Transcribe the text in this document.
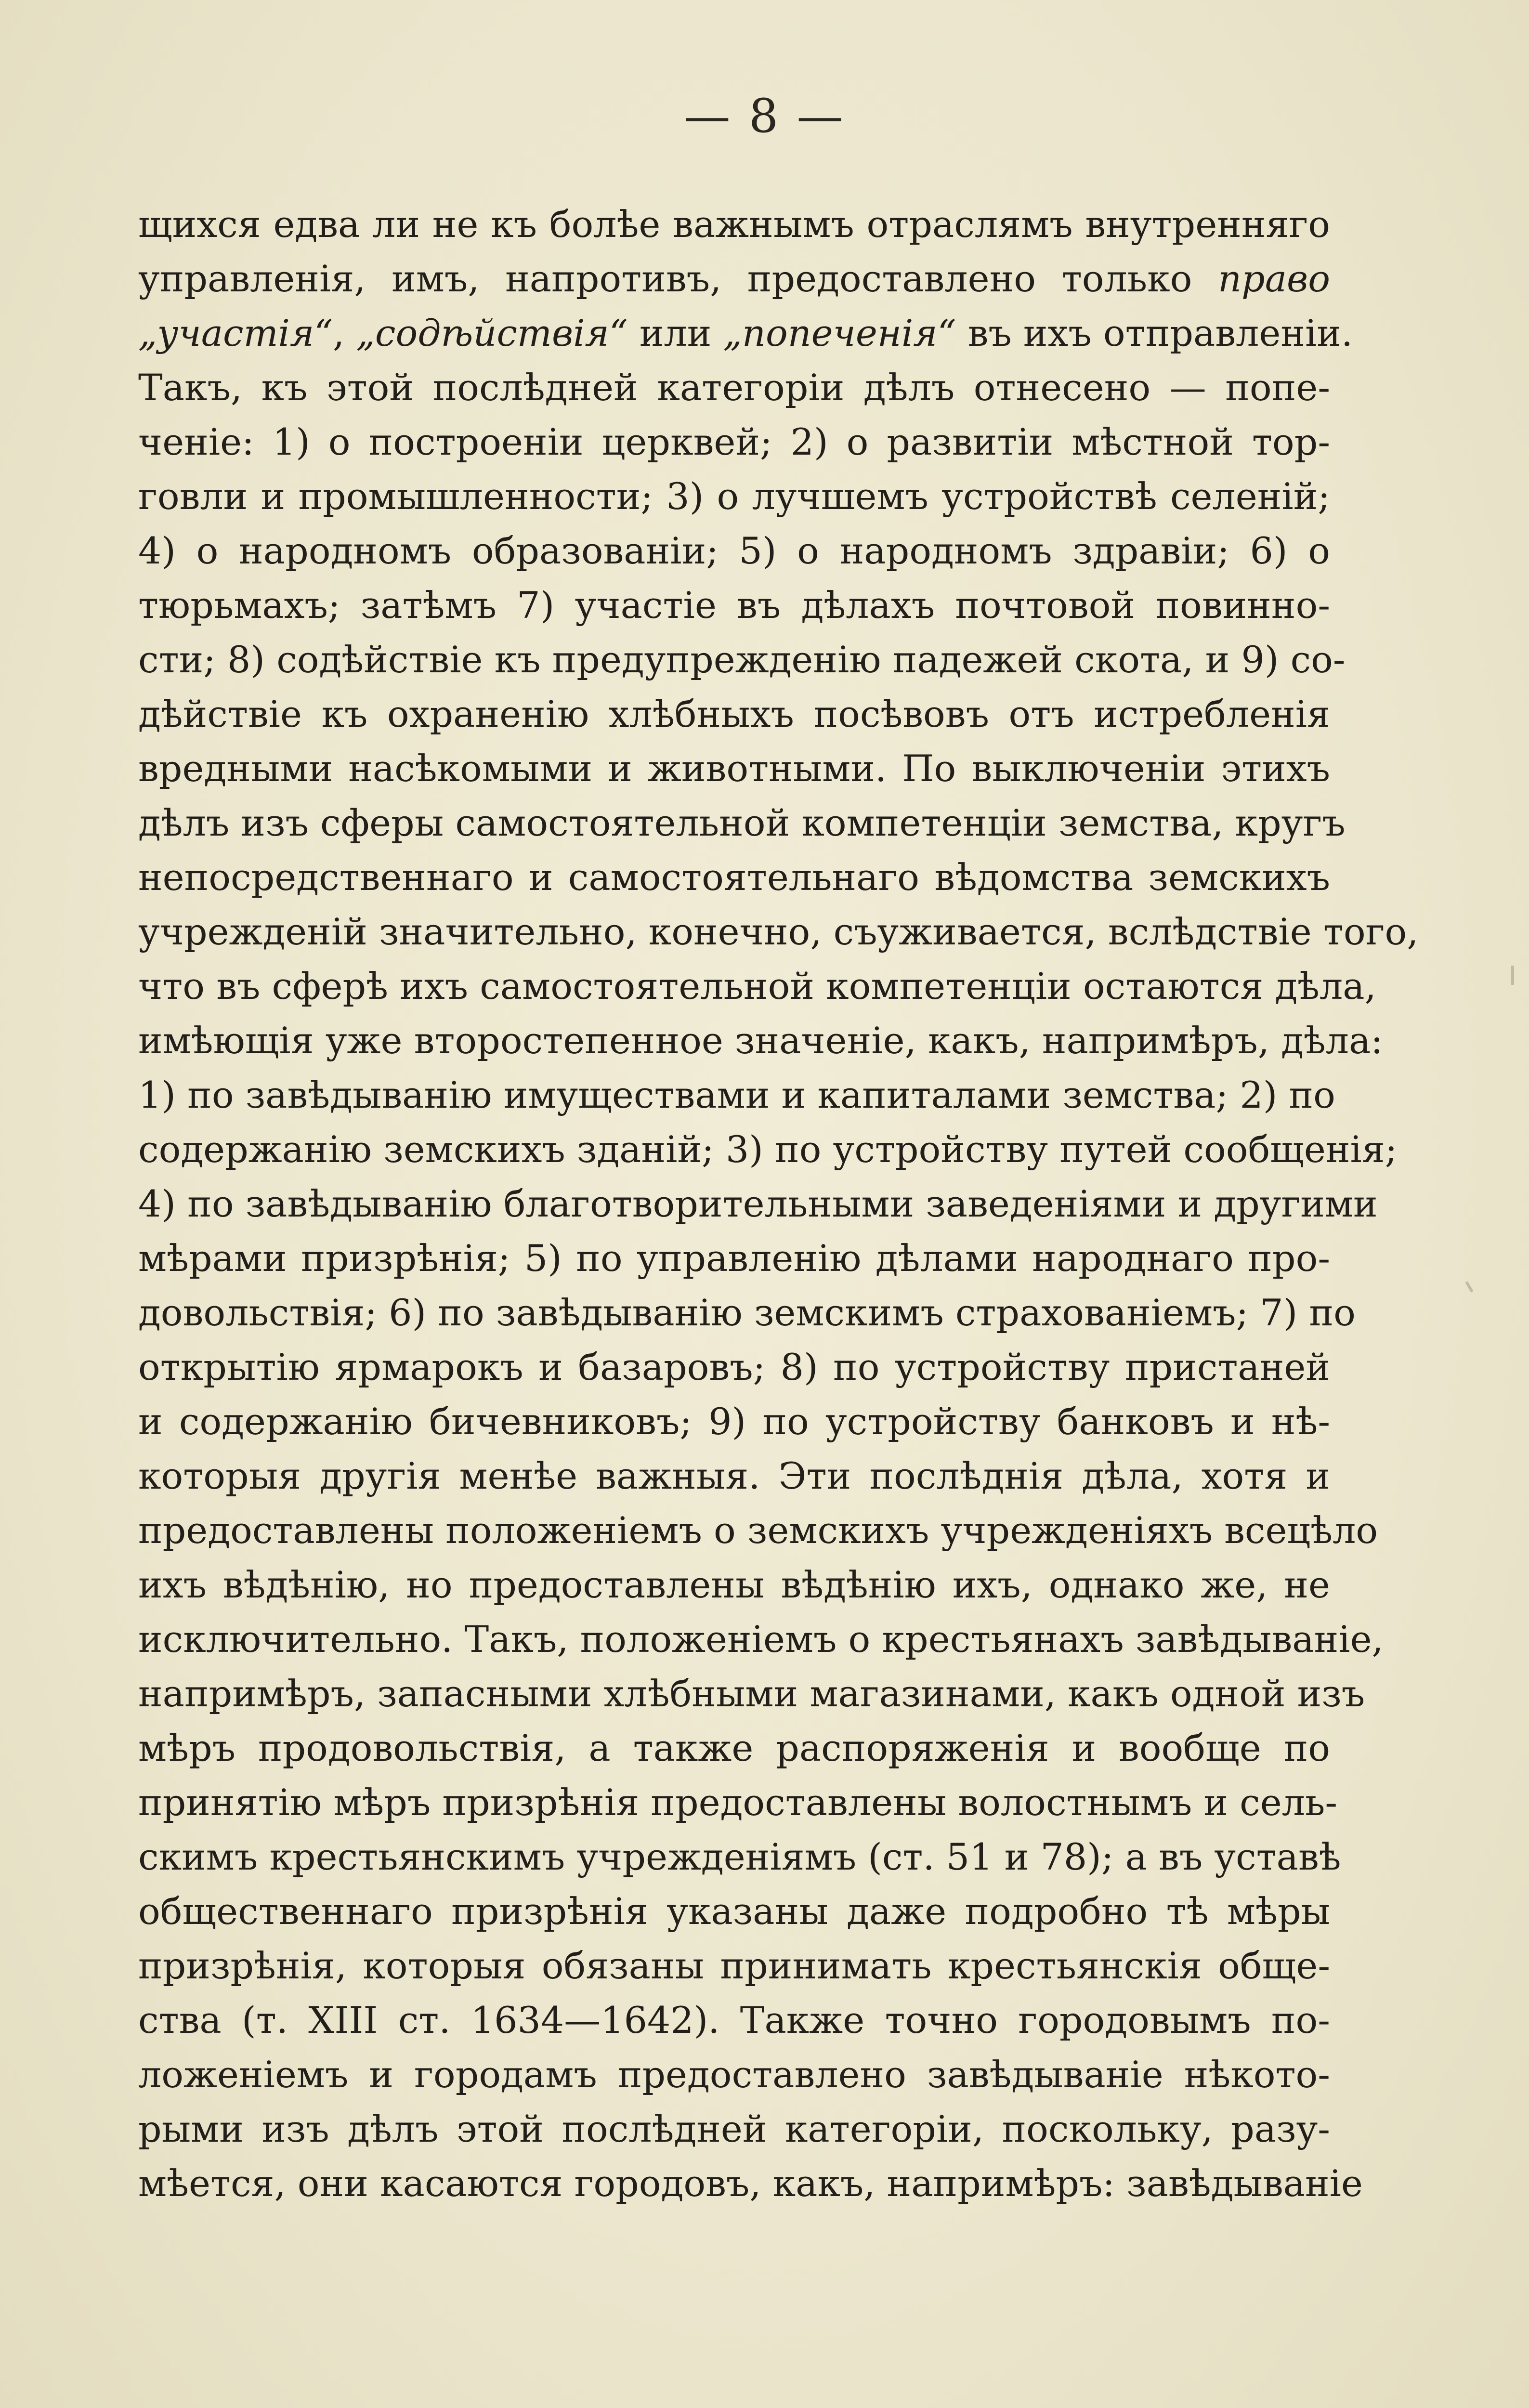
— 8 —
щихся едва ли не къ болѣе важнымъ отраслямъ внутренняго
управленія, имъ, напротивъ, предоставлено только право
„участія“, „содѣйствія“ или „попеченія“ въ ихъ отправленіи.
Такъ, къ этой послѣдней категоріи дѣлъ отнесено — попе-
ченіе: 1) о построеніи церквей; 2) о развитіи мѣстной тор-
говли и промышленности; 3) о лучшемъ устройствѣ селеній;
4) о народномъ образованіи; 5) о народномъ здравіи; 6) о
тюрьмахъ; затѣмъ 7) участіе въ дѣлахъ почтовой повинно-
сти; 8) содѣйствіе къ предупрежденію падежей скота, и 9) со-
дѣйствіе къ охраненію хлѣбныхъ посѣвовъ отъ истребленія
вредными насѣкомыми и животными. По выключеніи этихъ
дѣлъ изъ сферы самостоятельной компетенціи земства, кругъ
непосредственнаго и самостоятельнаго вѣдомства земскихъ
учрежденій значительно, конечно, съуживается, вслѣдствіе того,
что въ сферѣ ихъ самостоятельной компетенціи остаются дѣла,
имѣющія уже второстепенное значеніе, какъ, напримѣръ, дѣла:
1) по завѣдыванію имуществами и капиталами земства; 2) по
содержанію земскихъ зданій; 3) по устройству путей сообщенія;
4) по завѣдыванію благотворительными заведеніями и другими
мѣрами призрѣнія; 5) по управленію дѣлами народнаго про-
довольствія; 6) по завѣдыванію земскимъ страхованіемъ; 7) по
открытію ярмарокъ и базаровъ; 8) по устройству пристаней
и содержанію бичевниковъ; 9) по устройству банковъ и нѣ-
которыя другія менѣе важныя. Эти послѣднія дѣла, хотя и
предоставлены положеніемъ о земскихъ учрежденіяхъ всецѣло
ихъ вѣдѣнію, но предоставлены вѣдѣнію ихъ, однако же, не
исключительно. Такъ, положеніемъ о крестьянахъ завѣдываніе,
напримѣръ, запасными хлѣбными магазинами, какъ одной изъ
мѣръ продовольствія, а также распоряженія и вообще по
принятію мѣръ призрѣнія предоставлены волостнымъ и сель-
скимъ крестьянскимъ учрежденіямъ (ст. 51 и 78); а въ уставѣ
общественнаго призрѣнія указаны даже подробно тѣ мѣры
призрѣнія, которыя обязаны принимать крестьянскія обще-
ства (т. XIII ст. 1634—1642). Также точно городовымъ по-
ложеніемъ и городамъ предоставлено завѣдываніе нѣкото-
рыми изъ дѣлъ этой послѣдней категоріи, поскольку, разу-
мѣется, они касаются городовъ, какъ, напримѣръ: завѣдываніе
